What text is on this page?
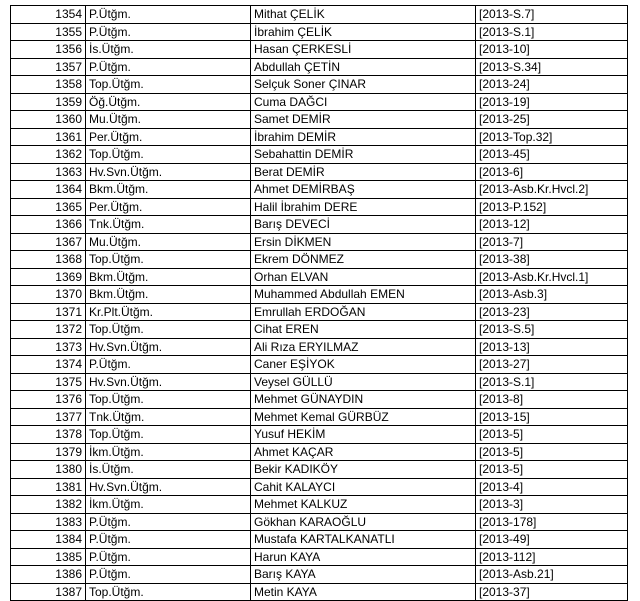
1354	P.Ütğm.	Mithat ÇELİK	[2013-S.7]
1355	P.Ütğm.	İbrahim ÇELİK	[2013-S.1]
1356	İs.Ütğm.	Hasan ÇERKESLİ	[2013-10]
1357	P.Ütğm.	Abdullah ÇETİN	[2013-S.34]
1358	Top.Ütğm.	Selçuk Soner ÇINAR	[2013-24]
1359	Öğ.Ütğm.	Cuma DAĞCI	[2013-19]
1360	Mu.Ütğm.	Samet DEMİR	[2013-25]
1361	Per.Ütğm.	İbrahim DEMİR	[2013-Top.32]
1362	Top.Ütğm.	Sebahattin DEMİR	[2013-45]
1363	Hv.Svn.Ütğm.	Berat DEMİR	[2013-6]
1364	Bkm.Ütğm.	Ahmet DEMİRBAŞ	[2013-Asb.Kr.Hvcl.2]
1365	Per.Ütğm.	Halil İbrahim DERE	[2013-P.152]
1366	Tnk.Ütğm.	Barış DEVECİ	[2013-12]
1367	Mu.Ütğm.	Ersin DİKMEN	[2013-7]
1368	Top.Ütğm.	Ekrem DÖNMEZ	[2013-38]
1369	Bkm.Ütğm.	Orhan ELVAN	[2013-Asb.Kr.Hvcl.1]
1370	Bkm.Ütğm.	Muhammed Abdullah EMEN	[2013-Asb.3]
1371	Kr.Plt.Ütğm.	Emrullah ERDOĞAN	[2013-23]
1372	Top.Ütğm.	Cihat EREN	[2013-S.5]
1373	Hv.Svn.Ütğm.	Ali Rıza ERYILMAZ	[2013-13]
1374	P.Ütğm.	Caner EŞİYOK	[2013-27]
1375	Hv.Svn.Ütğm.	Veysel GÜLLÜ	[2013-S.1]
1376	Top.Ütğm.	Mehmet GÜNAYDIN	[2013-8]
1377	Tnk.Ütğm.	Mehmet Kemal GÜRBÜZ	[2013-15]
1378	Top.Ütğm.	Yusuf HEKİM	[2013-5]
1379	İkm.Ütğm.	Ahmet KAÇAR	[2013-5]
1380	İs.Ütğm.	Bekir KADIKÖY	[2013-5]
1381	Hv.Svn.Ütğm.	Cahit KALAYCI	[2013-4]
1382	İkm.Ütğm.	Mehmet KALKUZ	[2013-3]
1383	P.Ütğm.	Gökhan KARAOĞLU	[2013-178]
1384	P.Ütğm.	Mustafa KARTALKANATLI	[2013-49]
1385	P.Ütğm.	Harun KAYA	[2013-112]
1386	P.Ütğm.	Barış KAYA	[2013-Asb.21]
1387	Top.Ütğm.	Metin KAYA	[2013-37]
